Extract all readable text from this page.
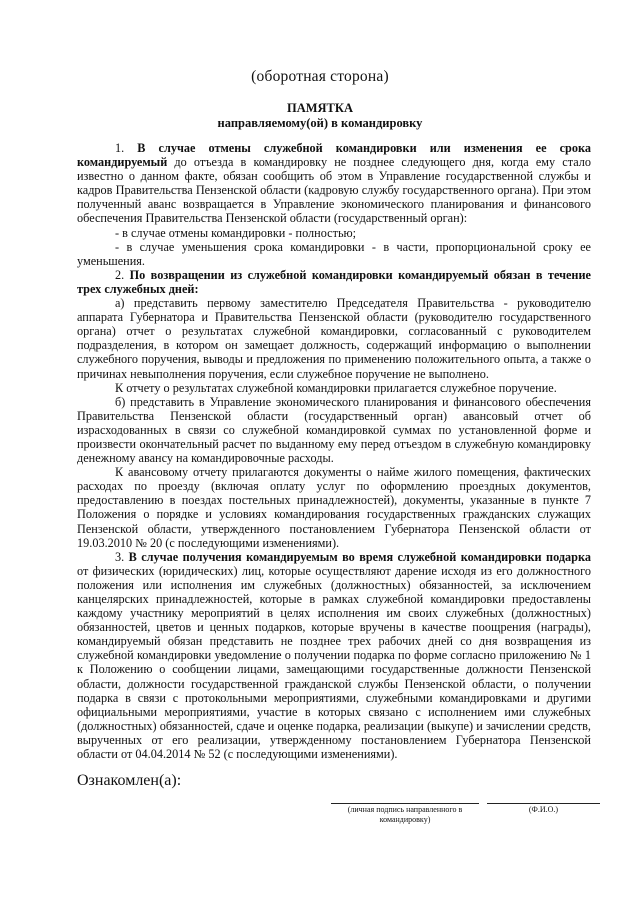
(оборотная сторона)
ПАМЯТКА
направляемому(ой) в командировку

1. В случае отмены служебной командировки или изменения ее срока командируемый до отъезда в командировку не позднее следующего дня, когда ему стало известно о данном факте, обязан сообщить об этом в Управление государственной службы и кадров Правительства Пензенской области (кадровую службу государственного органа). При этом полученный аванс возвращается в Управление экономического планирования и финансового обеспечения Правительства Пензенской области (государственный орган):

- в случае отмены командировки - полностью;

- в случае уменьшения срока командировки - в части, пропорциональной сроку ее уменьшения.

2. По возвращении из служебной командировки командируемый обязан в течение трех служебных дней:

а) представить первому заместителю Председателя Правительства - руководителю аппарата Губернатора и Правительства Пензенской области (руководителю государственного органа) отчет о результатах служебной командировки, согласованный с руководителем подразделения, в котором он замещает должность, содержащий информацию о выполнении служебного поручения, выводы и предложения по применению положительного опыта, а также о причинах невыполнения поручения, если служебное поручение не выполнено.

К отчету о результатах служебной командировки прилагается служебное поручение.

б) представить в Управление экономического планирования и финансового обеспечения Правительства Пензенской области (государственный орган) авансовый отчет об израсходованных в связи со служебной командировкой суммах по установленной форме и произвести окончательный расчет по выданному ему перед отъездом в служебную командировку денежному авансу на командировочные расходы.

К авансовому отчету прилагаются документы о найме жилого помещения, фактических расходах по проезду (включая оплату услуг по оформлению проездных документов, предоставлению в поездах постельных принадлежностей), документы, указанные в пункте 7 Положения о порядке и условиях командирования государственных гражданских служащих Пензенской области, утвержденного постановлением Губернатора Пензенской области от 19.03.2010 № 20 (с последующими изменениями).

3. В случае получения командируемым во время служебной командировки подарка от физических (юридических) лиц, которые осуществляют дарение исходя из его должностного положения или исполнения им служебных (должностных) обязанностей, за исключением канцелярских принадлежностей, которые в рамках служебной командировки предоставлены каждому участнику мероприятий в целях исполнения им своих служебных (должностных) обязанностей, цветов и ценных подарков, которые вручены в качестве поощрения (награды), командируемый обязан представить не позднее трех рабочих дней со дня возвращения из служебной командировки уведомление о получении подарка по форме согласно приложению № 1 к Положению о сообщении лицами, замещающими государственные должности Пензенской области, должности государственной гражданской службы Пензенской области, о получении подарка в связи с протокольными мероприятиями, служебными командировками и другими официальными мероприятиями, участие в которых связано с исполнением ими служебных (должностных) обязанностей, сдаче и оценке подарка, реализации (выкупе) и зачислении средств, вырученных от его реализации, утвержденному постановлением Губернатора Пензенской области от 04.04.2014 № 52 (с последующими изменениями).

Ознакомлен(а):
(личная подпись направленного в командировку)
(Ф.И.О.)
